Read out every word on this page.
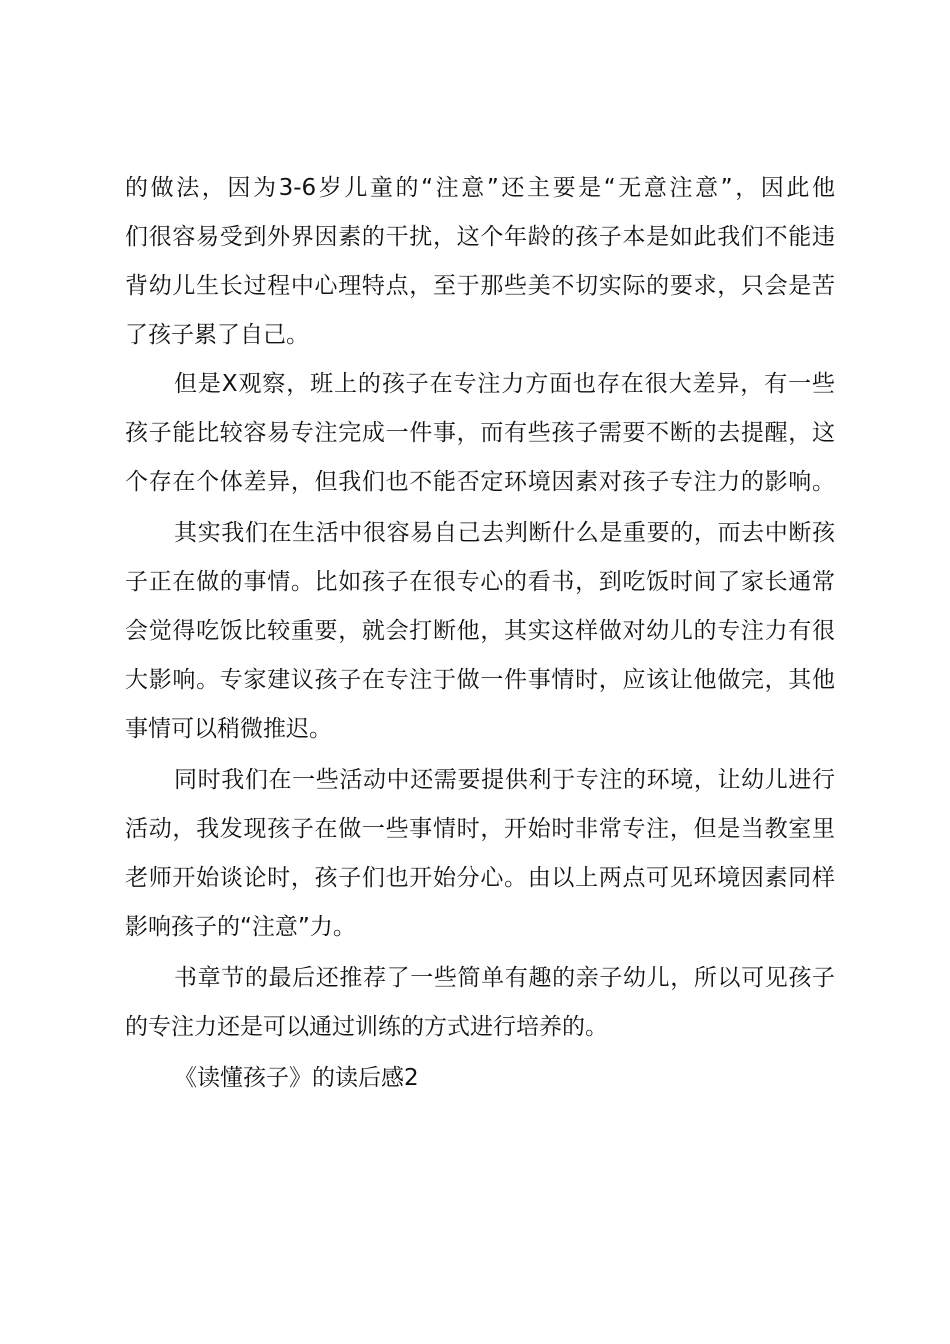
的做法，因为3-6岁儿童的“注意”还主要是“无意注意”，因此他
们很容易受到外界因素的干扰，这个年龄的孩子本是如此我们不能违
背幼儿生长过程中心理特点，至于那些美不切实际的要求，只会是苦
了孩子累了自己。
但是X观察，班上的孩子在专注力方面也存在很大差异，有一些
孩子能比较容易专注完成一件事，而有些孩子需要不断的去提醒，这
个存在个体差异，但我们也不能否定环境因素对孩子专注力的影响。
其实我们在生活中很容易自己去判断什么是重要的，而去中断孩
子正在做的事情。比如孩子在很专心的看书，到吃饭时间了家长通常
会觉得吃饭比较重要，就会打断他，其实这样做对幼儿的专注力有很
大影响。专家建议孩子在专注于做一件事情时，应该让他做完，其他
事情可以稍微推迟。
同时我们在一些活动中还需要提供利于专注的环境，让幼儿进行
活动，我发现孩子在做一些事情时，开始时非常专注，但是当教室里
老师开始谈论时，孩子们也开始分心。由以上两点可见环境因素同样
影响孩子的“注意”力。
书章节的最后还推荐了一些简单有趣的亲子幼儿，所以可见孩子
的专注力还是可以通过训练的方式进行培养的。
《读懂孩子》的读后感2
